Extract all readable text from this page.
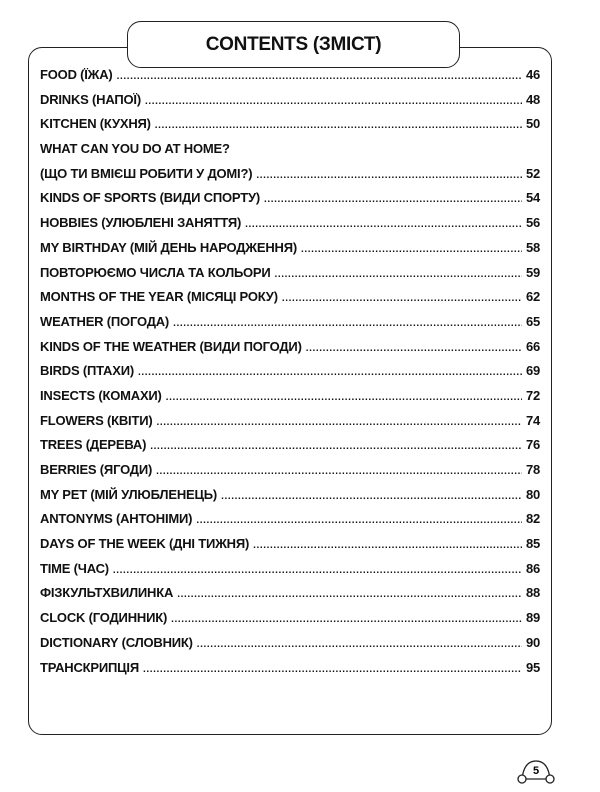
CONTENTS (ЗМІСТ)
FOOD (ЇЖА) .....	46
DRINKS (НАПОЇ) .....	48
KITCHEN (КУХНЯ) .....	50
WHAT CAN YOU DO AT HOME?
(ЩО ТИ ВМІЄШ РОБИТИ У ДОМІ?) .....	52
KINDS OF SPORTS (ВИДИ СПОРТУ) .....	54
HOBBIES (УЛЮБЛЕНІ ЗАНЯТТЯ) .....	56
MY BIRTHDAY (МІЙ ДЕНЬ НАРОДЖЕННЯ) .....	58
ПОВТОРЮЄМО ЧИСЛА ТА КОЛЬОРИ .....	59
MONTHS OF THE YEAR (МІСЯЦІ РОКУ) .....	62
WEATHER (ПОГОДА) .....	65
KINDS OF THE WEATHER (ВИДИ ПОГОДИ) .....	66
BIRDS (ПТАХИ) .....	69
INSECTS (КОМАХИ) .....	72
FLOWERS (КВІТИ) .....	74
TREES (ДЕРЕВА) .....	76
BERRIES (ЯГОДИ) .....	78
MY PET (МІЙ УЛЮБЛЕНЕЦЬ) .....	80
ANTONYMS (АНТОНІМИ) .....	82
DAYS OF THE WEEK (ДНІ ТИЖНЯ) .....	85
TIME (ЧАС) .....	86
ФІЗКУЛЬТХВИЛИНКА .....	88
CLOCK (ГОДИННИК) .....	89
DICTIONARY (СЛОВНИК) .....	90
ТРАНСКРИПЦІЯ .....	95
5
